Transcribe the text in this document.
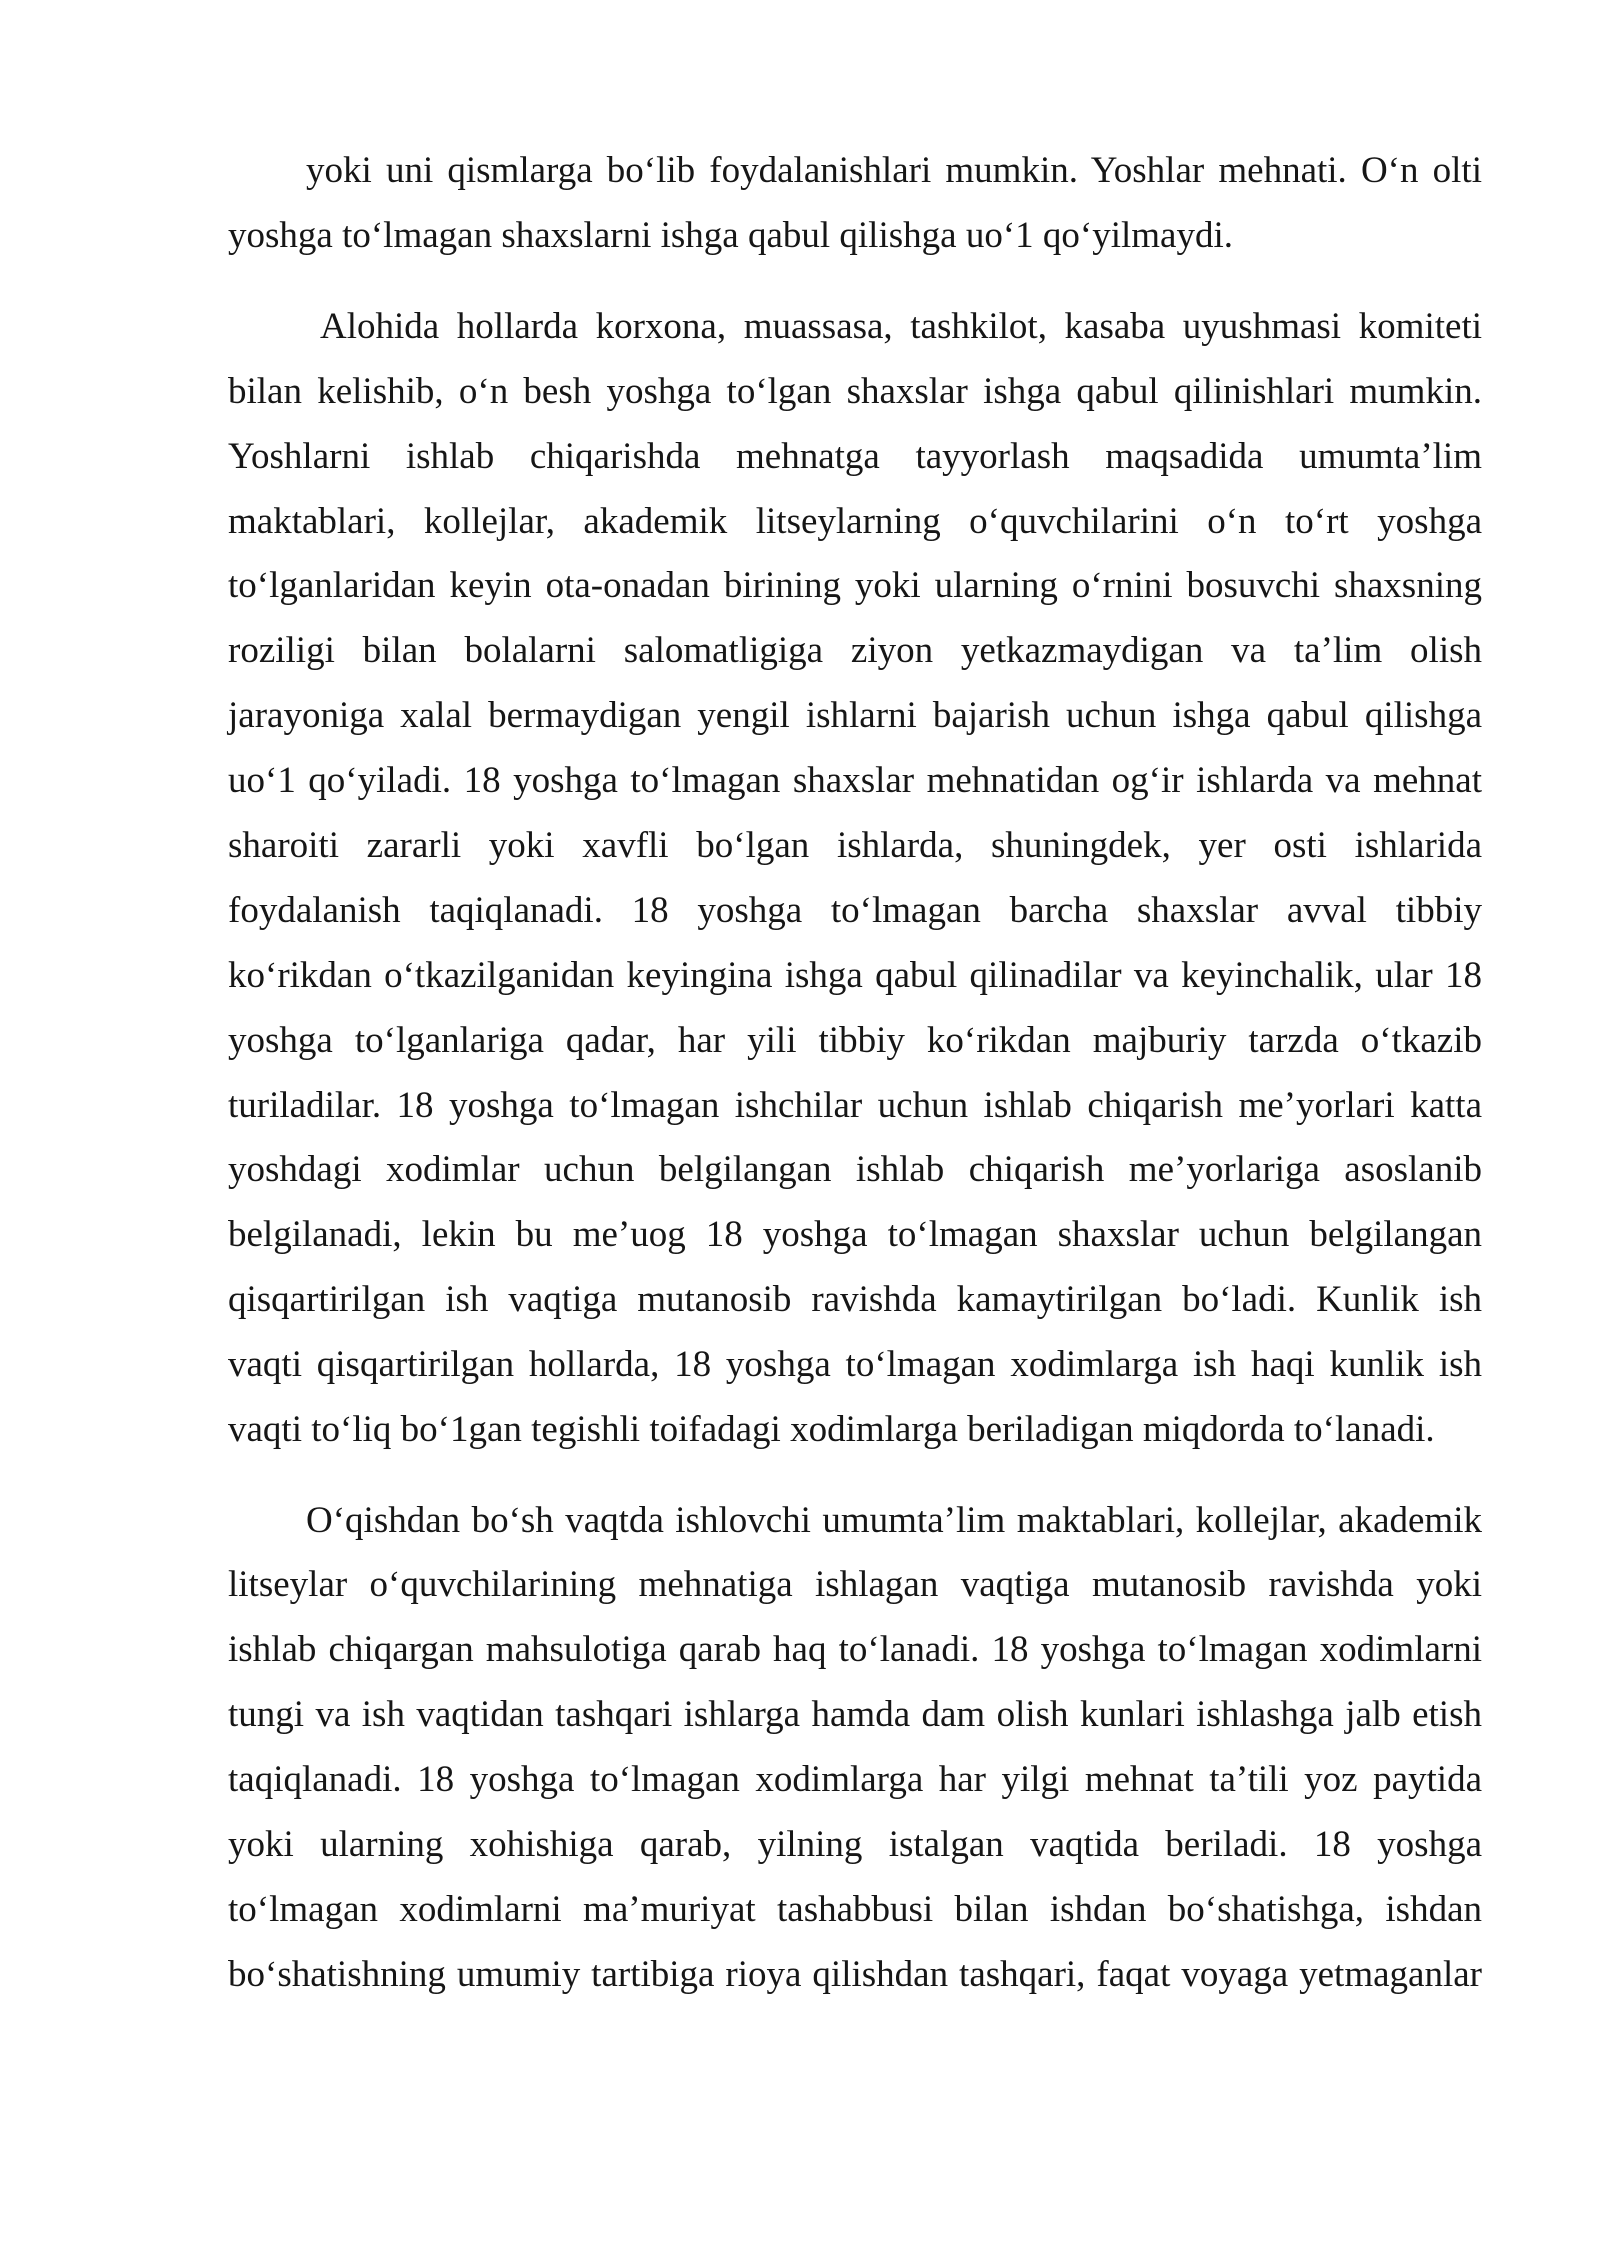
yoki uni qismlarga bo‘lib foydalanishlari mumkin. Yoshlar mehnati. O‘n olti
yoshga to‘lmagan shaxslarni ishga qabul qilishga uo‘1 qo‘yilmaydi.
Alohida hollarda korxona, muassasa, tashkilot, kasaba uyushmasi komiteti
bilan kelishib, o‘n besh yoshga to‘lgan shaxslar ishga qabul qilinishlari mumkin.
Yoshlarni ishlab chiqarishda mehnatga tayyorlash maqsadida umumta’lim
maktablari, kollejlar, akademik litseylarning o‘quvchilarini o‘n to‘rt yoshga
to‘lganlaridan keyin ota-onadan birining yoki ularning o‘rnini bosuvchi shaxsning
roziligi bilan bolalarni salomatligiga ziyon yetkazmaydigan va ta’lim olish
jarayoniga xalal bermaydigan yengil ishlarni bajarish uchun ishga qabul qilishga
uo‘1 qo‘yiladi. 18 yoshga to‘lmagan shaxslar mehnatidan og‘ir ishlarda va mehnat
sharoiti zararli yoki xavfli bo‘lgan ishlarda, shuningdek, yer osti ishlarida
foydalanish taqiqlanadi. 18 yoshga to‘lmagan barcha shaxslar avval tibbiy
ko‘rikdan o‘tkazilganidan keyingina ishga qabul qilinadilar va keyinchalik, ular 18
yoshga to‘lganlariga qadar, har yili tibbiy ko‘rikdan majburiy tarzda o‘tkazib
turiladilar. 18 yoshga to‘lmagan ishchilar uchun ishlab chiqarish me’yorlari katta
yoshdagi xodimlar uchun belgilangan ishlab chiqarish me’yorlariga asoslanib
belgilanadi, lekin bu me’uog 18 yoshga to‘lmagan shaxslar uchun belgilangan
qisqartirilgan ish vaqtiga mutanosib ravishda kamaytirilgan bo‘ladi. Kunlik ish
vaqti qisqartirilgan hollarda, 18 yoshga to‘lmagan xodimlarga ish haqi kunlik ish
vaqti to‘liq bo‘1gan tegishli toifadagi xodimlarga beriladigan miqdorda to‘lanadi.
O‘qishdan bo‘sh vaqtda ishlovchi umumta’lim maktablari, kollejlar, akademik
litseylar o‘quvchilarining mehnatiga ishlagan vaqtiga mutanosib ravishda yoki
ishlab chiqargan mahsulotiga qarab haq to‘lanadi. 18 yoshga to‘lmagan xodimlarni
tungi va ish vaqtidan tashqari ishlarga hamda dam olish kunlari ishlashga jalb etish
taqiqlanadi. 18 yoshga to‘lmagan xodimlarga har yilgi mehnat ta’tili yoz paytida
yoki ularning xohishiga qarab, yilning istalgan vaqtida beriladi. 18 yoshga
to‘lmagan xodimlarni ma’muriyat tashabbusi bilan ishdan bo‘shatishga, ishdan
bo‘shatishning umumiy tartibiga rioya qilishdan tashqari, faqat voyaga yetmaganlar
